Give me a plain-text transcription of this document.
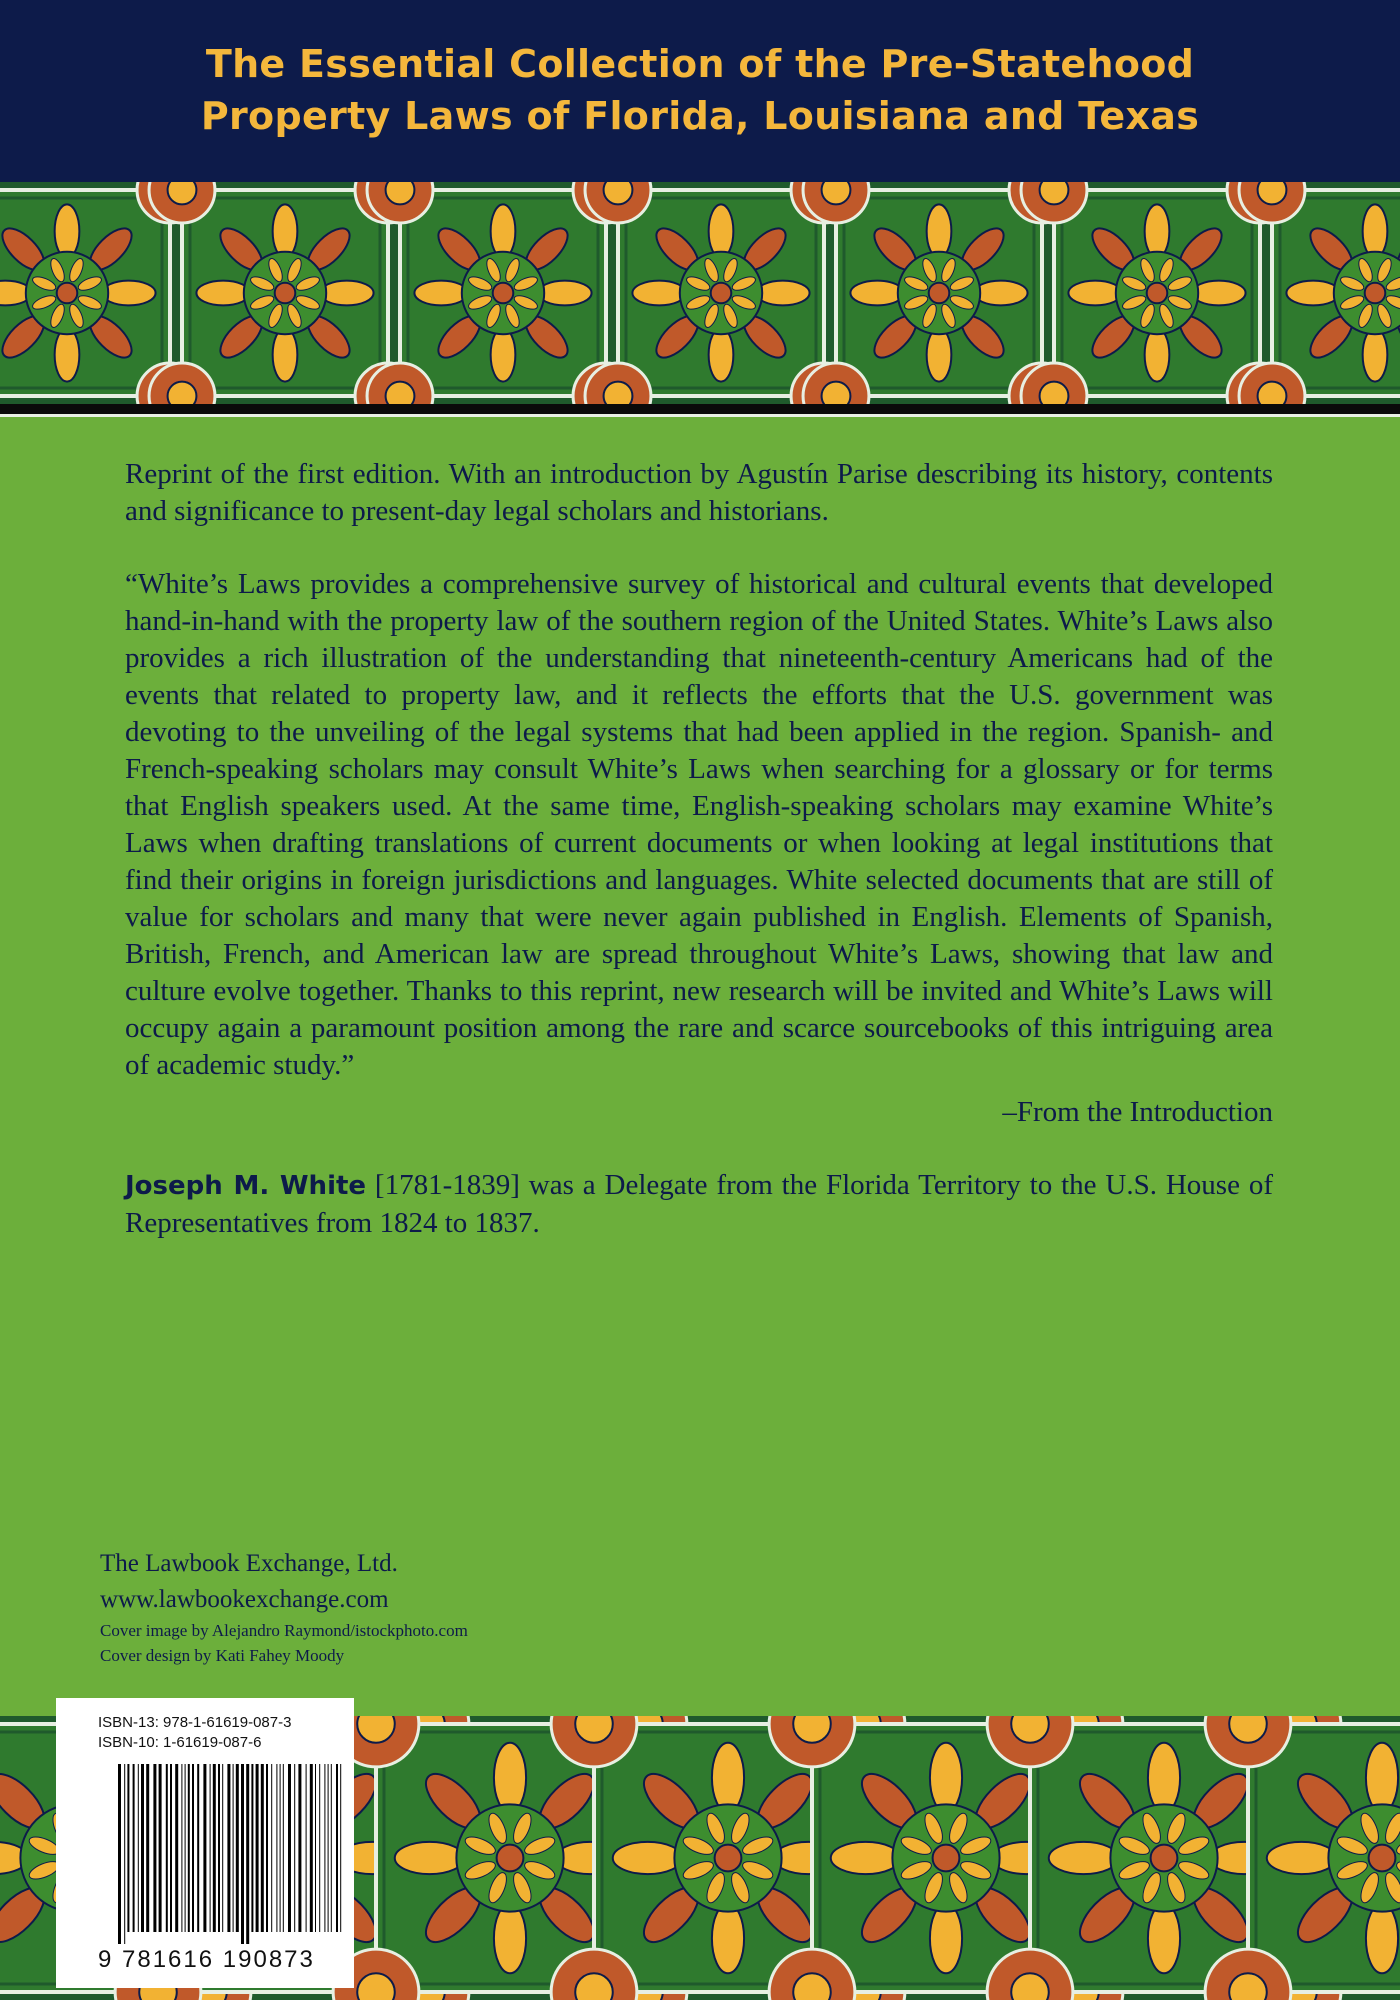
The Essential Collection of the Pre-Statehood
Property Laws of Florida, Louisiana and Texas

Reprint of the first edition. With an introduction by Agustín Parise describing its history, contents and significance to present-day legal scholars and historians.

“White’s Laws provides a comprehensive survey of historical and cultural events that developed hand-in-hand with the property law of the southern region of the United States. White’s Laws also provides a rich illustration of the understanding that nineteenth-century Americans had of the events that related to property law, and it reflects the efforts that the U.S. government was devoting to the unveiling of the legal systems that had been applied in the region. Spanish- and French-speaking scholars may consult White’s Laws when searching for a glossary or for terms that English speakers used. At the same time, English-speaking scholars may examine White’s Laws when drafting translations of current documents or when looking at legal institutions that find their origins in foreign jurisdictions and languages. White selected documents that are still of value for scholars and many that were never again published in English. Elements of Spanish, British, French, and American law are spread throughout White’s Laws, showing that law and culture evolve together. Thanks to this reprint, new research will be invited and White’s Laws will occupy again a paramount position among the rare and scarce sourcebooks of this intriguing area of academic study.”

–From the Introduction

Joseph M. White [1781-1839] was a Delegate from the Florida Territory to the U.S. House of Representatives from 1824 to 1837.

The Lawbook Exchange, Ltd.
www.lawbookexchange.com
Cover image by Alejandro Raymond/istockphoto.com
Cover design by Kati Fahey Moody
ISBN-13: 978-1-61619-087-3
ISBN-10: 1-61619-087-6
9 781616 190873
